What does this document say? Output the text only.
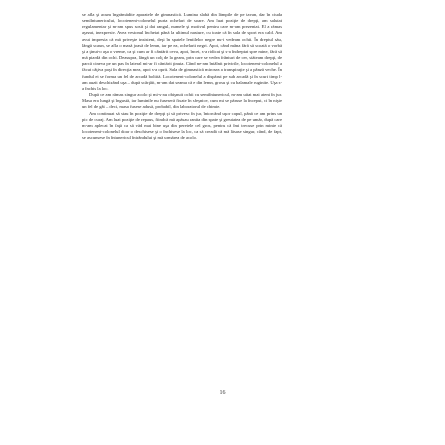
se afla şi acum îngrămădite aparatele de gimnastică. Lumina slabă din lămpile de pe tavan, dar în ciuda semiîntunericului, locotenent-colonelul purta ochelari de soare. Am luat poziţie de drepţi, am salutat regulamentar şi m-am spus sosit şi dat rangul, numele şi motivul pentru care m-am prezentat. El a rămas aşezat, inexpresiv. Avea vestonul încheiat până la ultimul nasture, cu toate că în sala de sport era cald. Am avut impresia că mă priveşte insistent, deşi în spatele lentilelor negre nu-i vedeam ochii. În dreptul său, lângă scaun, se afla o masă joasă de lemn, iar pe ea, ochelarii negri. Apoi, când mâna fără să scoată o vorbă şi a ţinut-o aşa o vreme, ca şi cum ar fi cântărit ceva, apoi, încet, s-a ridicat şi s-a îndreptat spre mine, fără să mă piardă din ochi. Deasupra, lângă un colţ de la geam, prin care se vedea frânturi de cer, stăteam drepţi, de parcă cineva pe un pas în lateral mi-ar fi cântărit ţinuta. Când ne-am întâlnit privirile, locotenent-colonelul a făcut câţiva paşi în direcţia mea, apoi s-a oprit. Sala de gimnastică mirosea a transpiraţie şi a pânză veche. În fundul ei se forma un fel de arcadă boltită. Locotenent-colonelul a dispărut pe sub arcadă şi în scurt timp l-am auzit deschizând uşa – după scârţâit, m-am dat seama că e din lemn, grosu şi cu balamale ruginite. Uşa s-a închis la loc.

După ce am rămas singur acolo şi mi-s-au obişnuit ochii cu semiîntunericul, m-am uitat mai atent în jur. Masa era lungă şi îngustă, iar luminile nu fuseseră fixate în sfeşnice, cum mi se păruse la început, ci în nişte un fel de gât – deci, masa fusese adusă, probabil, din laboratorul de chimie.

Am continuat să stau în poziţie de drepţi şi să privesc în jur, întorcând uşor capul, până ce am prins un pic de curaj. Am luat poziţie de repaus, fiindcă mă apăsau ranita din spate şi greutatea de pe umăr, după care m-am aplecat în faţă ca să văd mai bine uşa din peretele cel gros, pentru că îmi trecuse prin minte că locotenent-colonelul doar o deschisese şi o închisese la loc, ca să creadă că mă lăsase singur, când, de fapt, se ascunsese în întunericul întrândului şi mă urmărea de acolo.

16
